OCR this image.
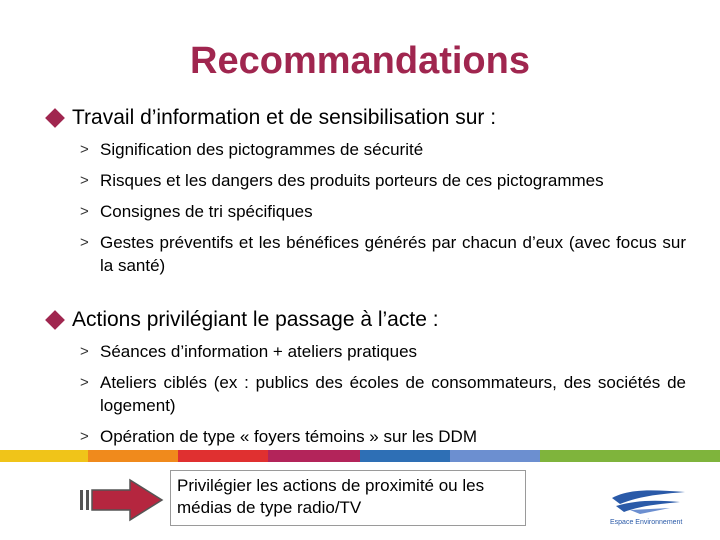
Recommandations
Travail d’information et de sensibilisation sur :
> Signification des pictogrammes de sécurité
> Risques et les dangers des produits porteurs de ces pictogrammes
> Consignes de tri spécifiques
> Gestes préventifs et les bénéfices générés par chacun d’eux (avec focus sur la santé)
Actions privilégiant le passage à l’acte :
> Séances d’information + ateliers pratiques
> Ateliers ciblés (ex : publics des écoles de consommateurs, des sociétés de logement)
> Opération de type « foyers témoins » sur les DDM
Privilégier les actions de proximité ou les médias de type radio/TV
Espace Environnement
